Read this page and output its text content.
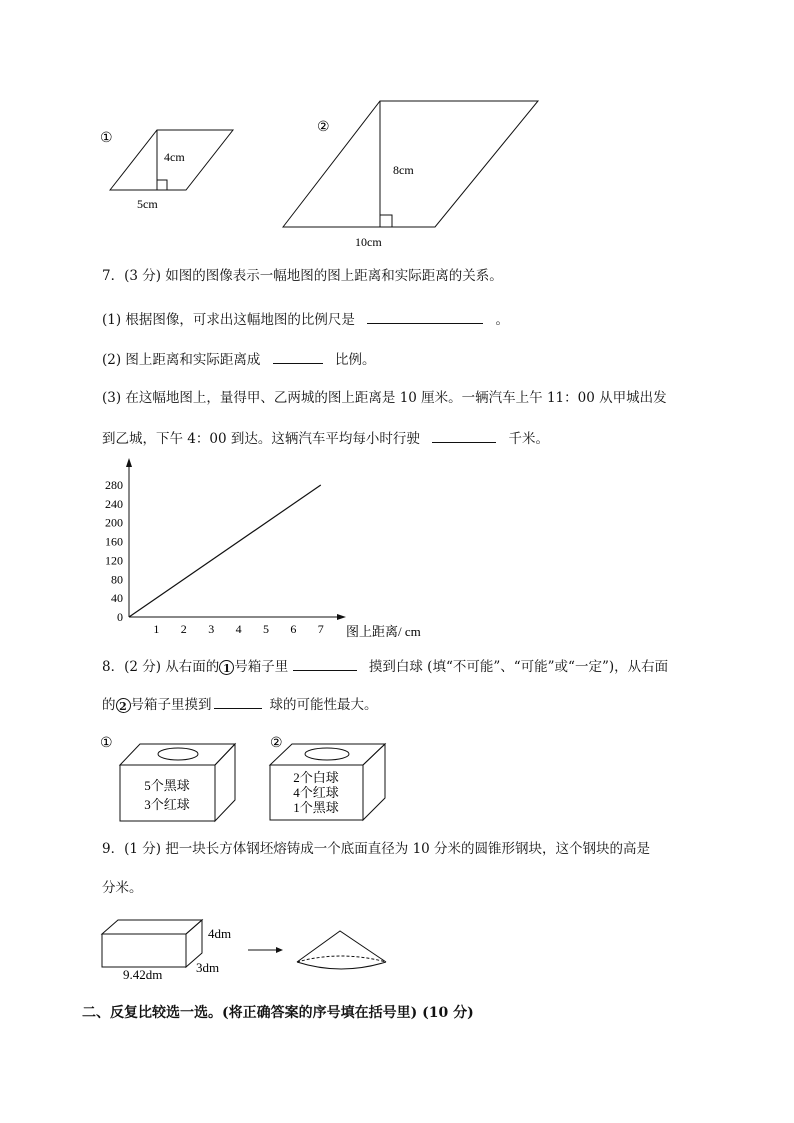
①
4cm
5cm
②
8cm
10cm
7．(3 分) 如图的图像表示一幅地图的图上距离和实际距离的关系。
(1) 根据图像，可求出这幅地图的比例尺是	。
(2) 图上距离和实际距离成	比例。
(3) 在这幅地图上，量得甲、乙两城的图上距离是 10 厘米。一辆汽车上午 11：00 从甲城出发
到乙城，下午 4：00 到达。这辆汽车平均每小时行驶	千米。
0
40
80
120
160
200
240
280
1 2 3 4 5 6 7 图上距离/ cm
8．(2 分) 从右面的 1 号箱子里	摸到白球 (填“不可能”、“可能”或“一定”)，从右面
的 2 号箱子里摸到	球的可能性最大。
①
5个黑球
3个红球
②
2个白球
4个红球
1个黑球
9．(1 分) 把一块长方体钢坯熔铸成一个底面直径为 10 分米的圆锥形钢块，这个钢块的高是
分米。
4dm
9.42dm	3dm
二、反复比较选一选。(将正确答案的序号填在括号里) (10 分)
